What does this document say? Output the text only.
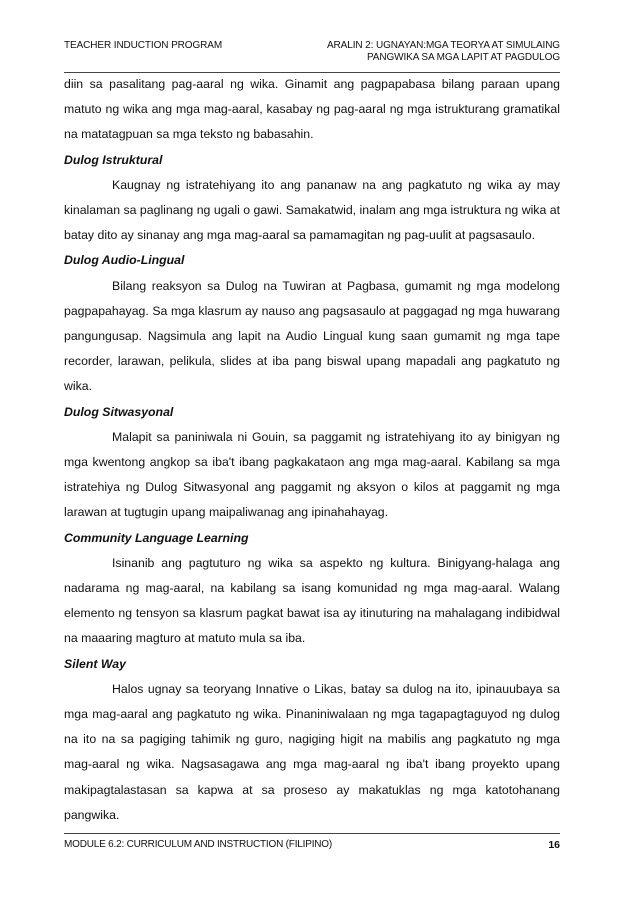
TEACHER INDUCTION PROGRAM	ARALIN 2: UGNAYAN:MGA TEORYA AT SIMULAING
PANGWIKA SA MGA LAPIT AT PAGDULOG

diin sa pasalitang pag-aaral ng wika. Ginamit ang pagpapabasa bilang paraan upang matuto ng wika ang mga mag-aaral, kasabay ng pag-aaral ng mga istrukturang gramatikal na matatagpuan sa mga teksto ng babasahin.

Dulog Istruktural

Kaugnay ng istratehiyang ito ang pananaw na ang pagkatuto ng wika ay may kinalaman sa paglinang ng ugali o gawi. Samakatwid, inalam ang mga istruktura ng wika at batay dito ay sinanay ang mga mag-aaral sa pamamagitan ng pag-uulit at pagsasaulo.

Dulog Audio-Lingual

Bilang reaksyon sa Dulog na Tuwiran at Pagbasa, gumamit ng mga modelong pagpapahayag. Sa mga klasrum ay nauso ang pagsasaulo at paggagad ng mga huwarang pangungusap. Nagsimula ang lapit na Audio Lingual kung saan gumamit ng mga tape recorder, larawan, pelikula, slides at iba pang biswal upang mapadali ang pagkatuto ng wika.

Dulog Sitwasyonal

Malapit sa paniniwala ni Gouin, sa paggamit ng istratehiyang ito ay binigyan ng mga kwentong angkop sa iba't ibang pagkakataon ang mga mag-aaral. Kabilang sa mga istratehiya ng Dulog Sitwasyonal ang paggamit ng aksyon o kilos at paggamit ng mga larawan at tugtugin upang maipaliwanag ang ipinahahayag.

Community Language Learning

Isinanib ang pagtuturo ng wika sa aspekto ng kultura. Binigyang-halaga ang nadarama ng mag-aaral, na kabilang sa isang komunidad ng mga mag-aaral. Walang elemento ng tensyon sa klasrum pagkat bawat isa ay itinuturing na mahalagang indibidwal na maaaring magturo at matuto mula sa iba.

Silent Way

Halos ugnay sa teoryang Innative o Likas, batay sa dulog na ito, ipinauubaya sa mga mag-aaral ang pagkatuto ng wika. Pinaniniwalaan ng mga tagapagtaguyod ng dulog na ito na sa pagiging tahimik ng guro, nagiging higit na mabilis ang pagkatuto ng mga mag-aaral ng wika. Nagsasagawa ang mga mag-aaral ng iba't ibang proyekto upang makipagtalastasan sa kapwa at sa proseso ay makatuklas ng mga katotohanang pangwika.

MODULE 6.2: CURRICULUM AND INSTRUCTION (FILIPINO)	16
